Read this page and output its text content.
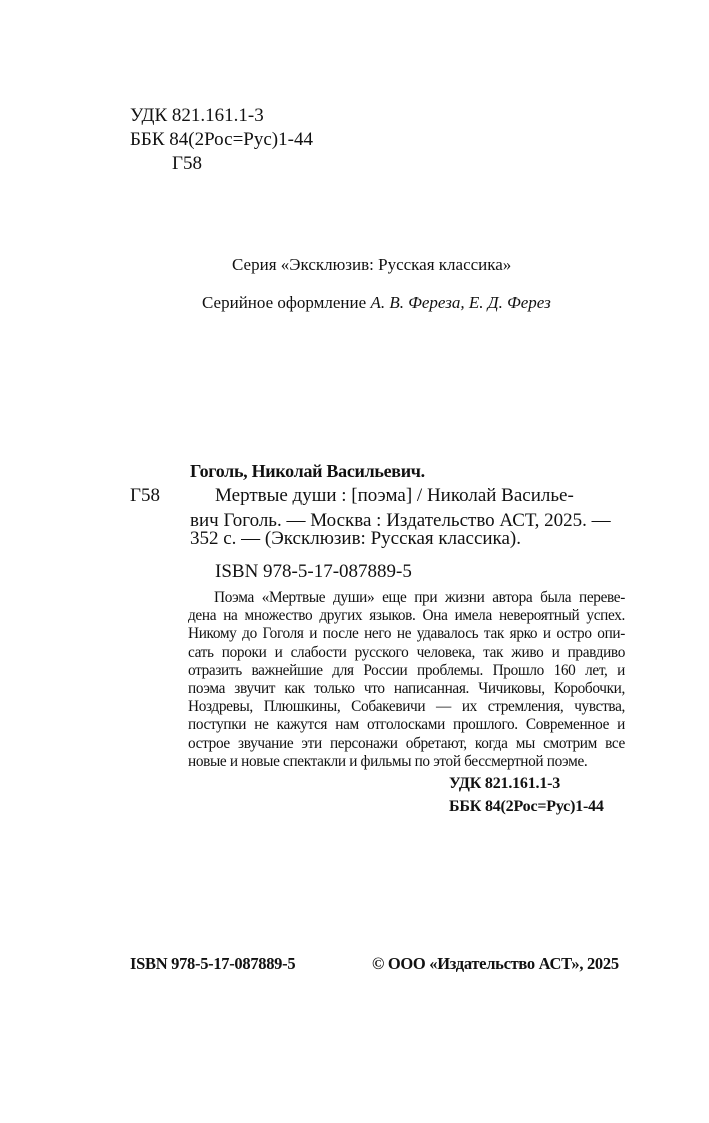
УДК 821.161.1-3
ББК 84(2Рос=Рус)1-44
Г58
Серия «Эксклюзив: Русская классика»
Серийное оформление А. В. Фереза, Е. Д. Ферез
Гоголь, Николай Васильевич.
Г58	Мертвые души : [поэма] / Николай Василье-
вич Гоголь. — Москва : Издательство АСТ, 2025. —
352 с. — (Эксклюзив: Русская классика).
ISBN 978-5-17-087889-5
Поэма «Мертвые души» еще при жизни автора была переве-
дена на множество других языков. Она имела невероятный успех.
Никому до Гоголя и после него не удавалось так ярко и остро опи-
сать пороки и слабости русского человека, так живо и правдиво
отразить важнейшие для России проблемы. Прошло 160 лет, и
поэма звучит как только что написанная. Чичиковы, Коробочки,
Ноздревы, Плюшкины, Собакевичи — их стремления, чувства,
поступки не кажутся нам отголосками прошлого. Современное и
острое звучание эти персонажи обретают, когда мы смотрим все
новые и новые спектакли и фильмы по этой бессмертной поэме.
УДК 821.161.1-3
ББК 84(2Рос=Рус)1-44
ISBN 978-5-17-087889-5	© ООО «Издательство АСТ», 2025
